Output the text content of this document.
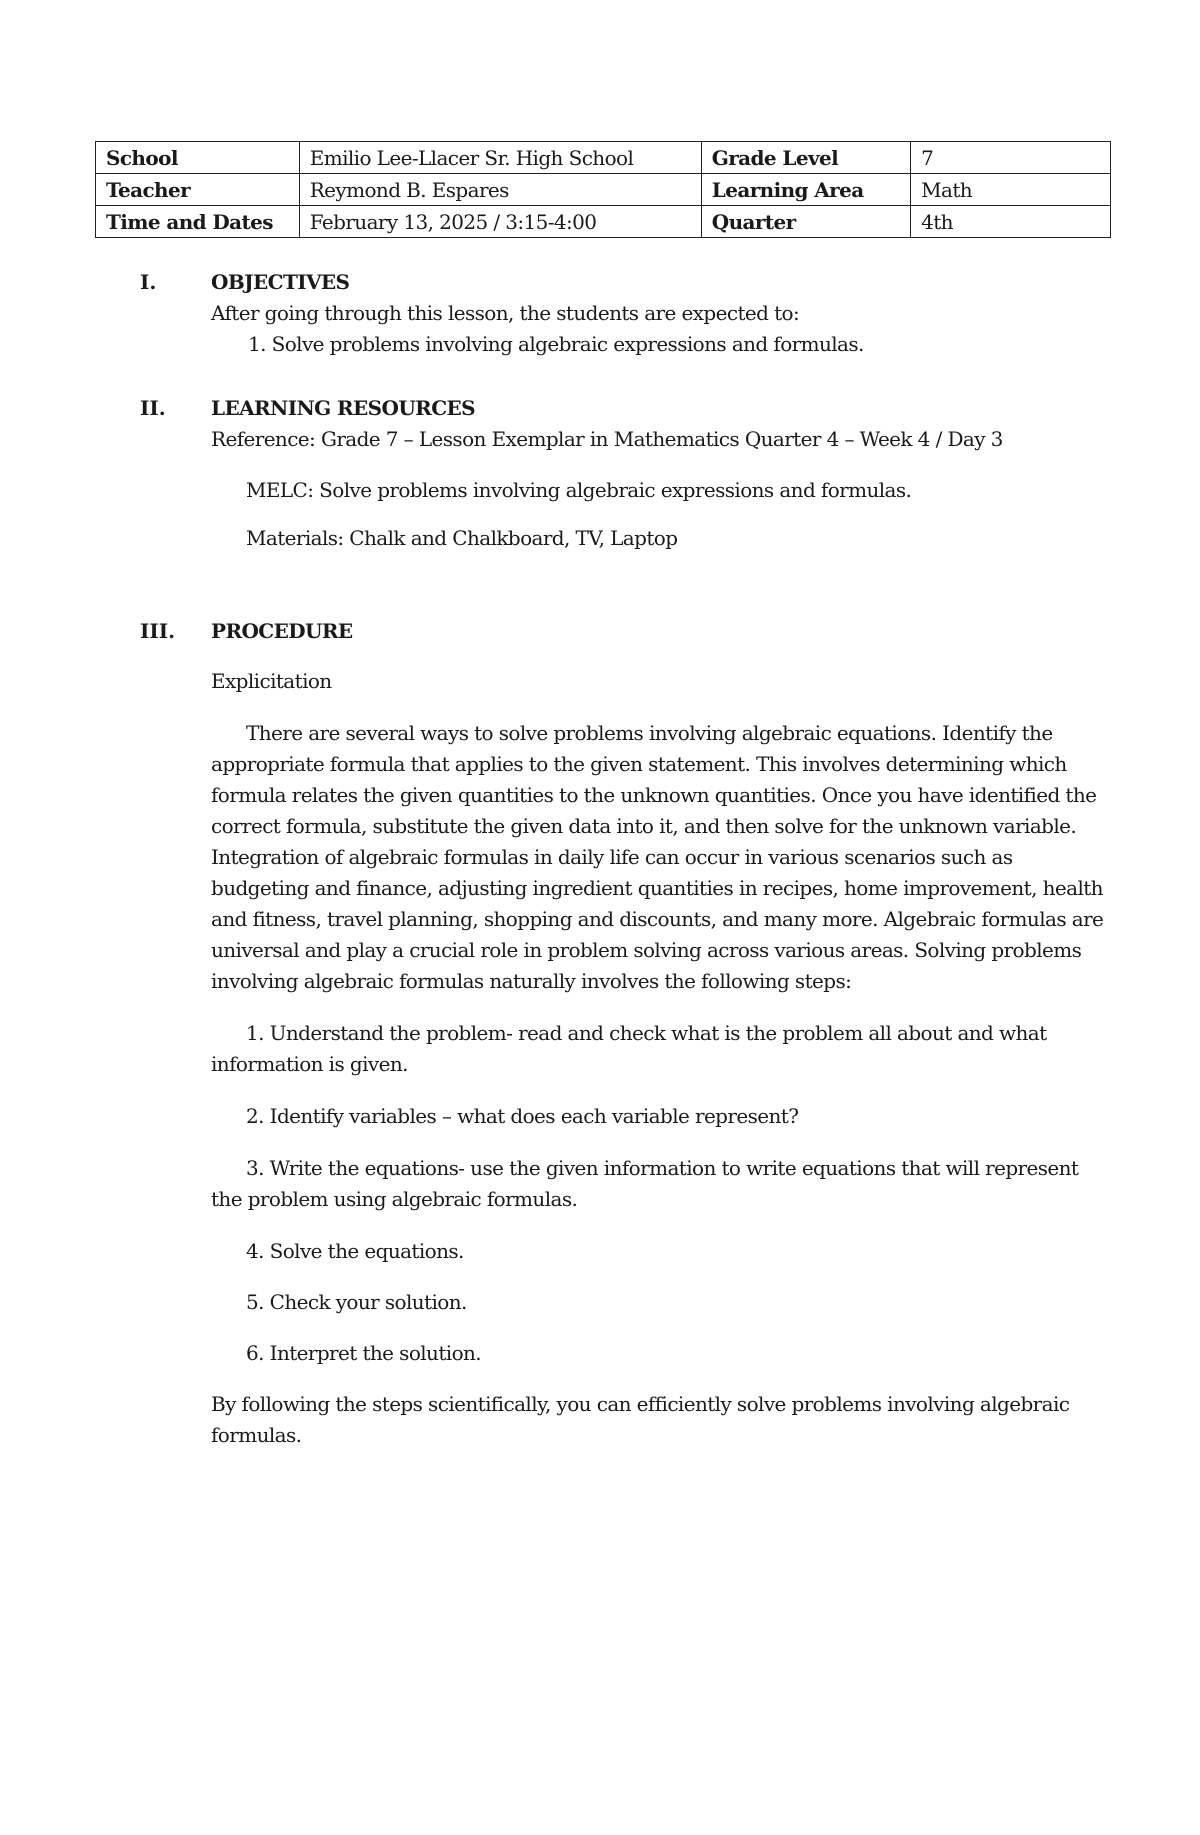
School	Emilio Lee-Llacer Sr. High School	Grade Level	7
Teacher	Reymond B. Espares	Learning Area	Math
Time and Dates	February 13, 2025 / 3:15-4:00	Quarter	4th
I.	OBJECTIVES
After going through this lesson, the students are expected to:
1. Solve problems involving algebraic expressions and formulas.
II. LEARNING RESOURCES
Reference: Grade 7 – Lesson Exemplar in Mathematics Quarter 4 – Week 4 / Day 3
MELC: Solve problems involving algebraic expressions and formulas.
Materials: Chalk and Chalkboard, TV, Laptop
III. PROCEDURE
Explicitation
There are several ways to solve problems involving algebraic equations. Identify the
appropriate formula that applies to the given statement. This involves determining which
formula relates the given quantities to the unknown quantities. Once you have identified the
correct formula, substitute the given data into it, and then solve for the unknown variable.
Integration of algebraic formulas in daily life can occur in various scenarios such as
budgeting and finance, adjusting ingredient quantities in recipes, home improvement, health
and fitness, travel planning, shopping and discounts, and many more. Algebraic formulas are
universal and play a crucial role in problem solving across various areas. Solving problems
involving algebraic formulas naturally involves the following steps:
1. Understand the problem- read and check what is the problem all about and what
information is given.
2. Identify variables – what does each variable represent?
3. Write the equations- use the given information to write equations that will represent
the problem using algebraic formulas.
4. Solve the equations.
5. Check your solution.
6. Interpret the solution.
By following the steps scientifically, you can efficiently solve problems involving algebraic
formulas.
